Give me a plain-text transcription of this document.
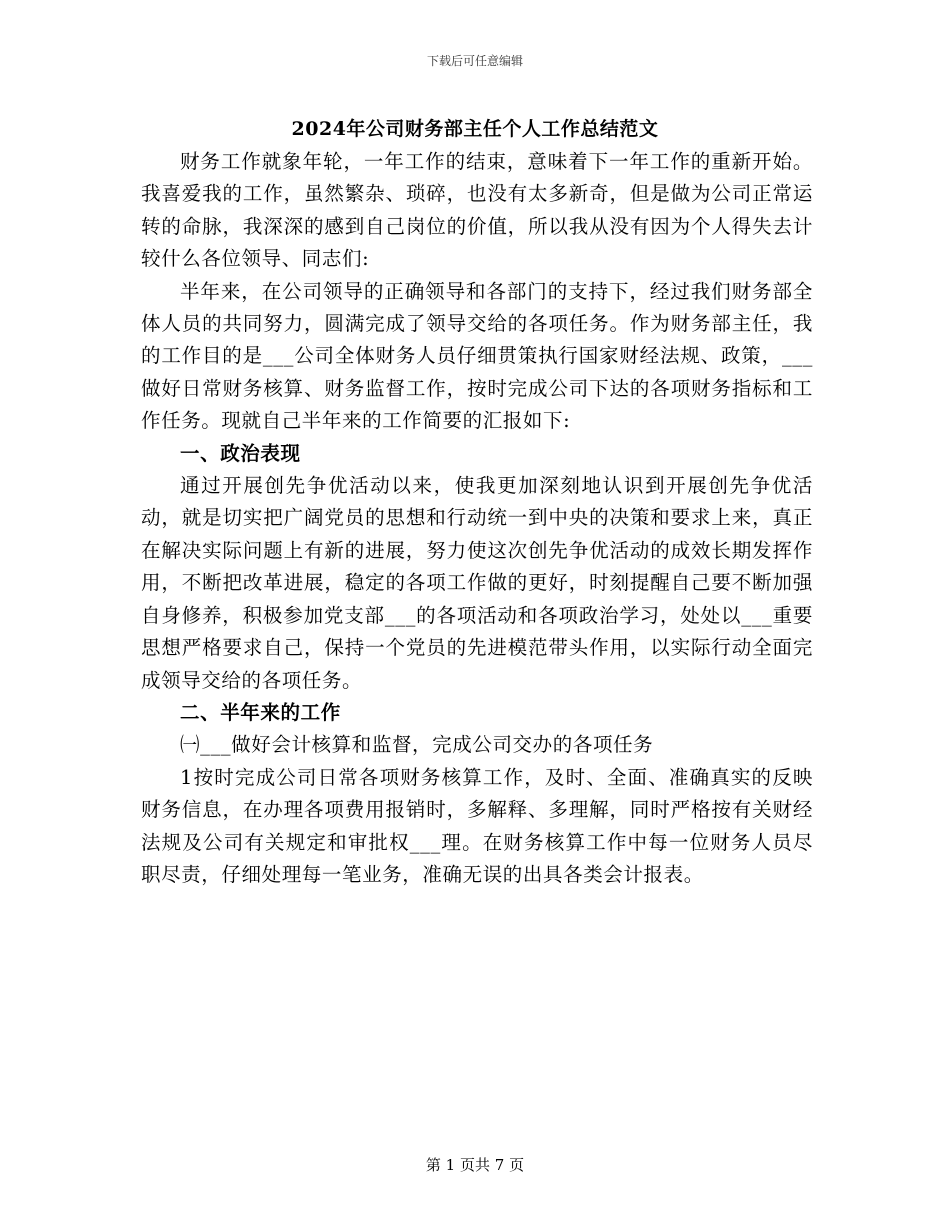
下载后可任意编辑
2024年公司财务部主任个人工作总结范文

财务工作就象年轮，一年工作的结束，意味着下一年工作的重新开始。我喜爱我的工作，虽然繁杂、琐碎，也没有太多新奇，但是做为公司正常运转的命脉，我深深的感到自己岗位的价值，所以我从没有因为个人得失去计较什么各位领导、同志们:

半年来，在公司领导的正确领导和各部门的支持下，经过我们财务部全体人员的共同努力，圆满完成了领导交给的各项任务。作为财务部主任，我的工作目的是___公司全体财务人员仔细贯策执行国家财经法规、政策，___做好日常财务核算、财务监督工作，按时完成公司下达的各项财务指标和工作任务。现就自己半年来的工作简要的汇报如下:

一、政治表现

通过开展创先争优活动以来，使我更加深刻地认识到开展创先争优活动，就是切实把广阔党员的思想和行动统一到中央的决策和要求上来，真正在解决实际问题上有新的进展，努力使这次创先争优活动的成效长期发挥作用，不断把改革进展，稳定的各项工作做的更好，时刻提醒自己要不断加强自身修养，积极参加党支部___的各项活动和各项政治学习，处处以___重要思想严格要求自己，保持一个党员的先进模范带头作用，以实际行动全面完成领导交给的各项任务。

二、半年来的工作

㈠___做好会计核算和监督，完成公司交办的各项任务

1按时完成公司日常各项财务核算工作，及时、全面、准确真实的反映财务信息，在办理各项费用报销时，多解释、多理解，同时严格按有关财经法规及公司有关规定和审批权___理。在财务核算工作中每一位财务人员尽职尽责，仔细处理每一笔业务，准确无误的出具各类会计报表。

第 1 页共 7 页
